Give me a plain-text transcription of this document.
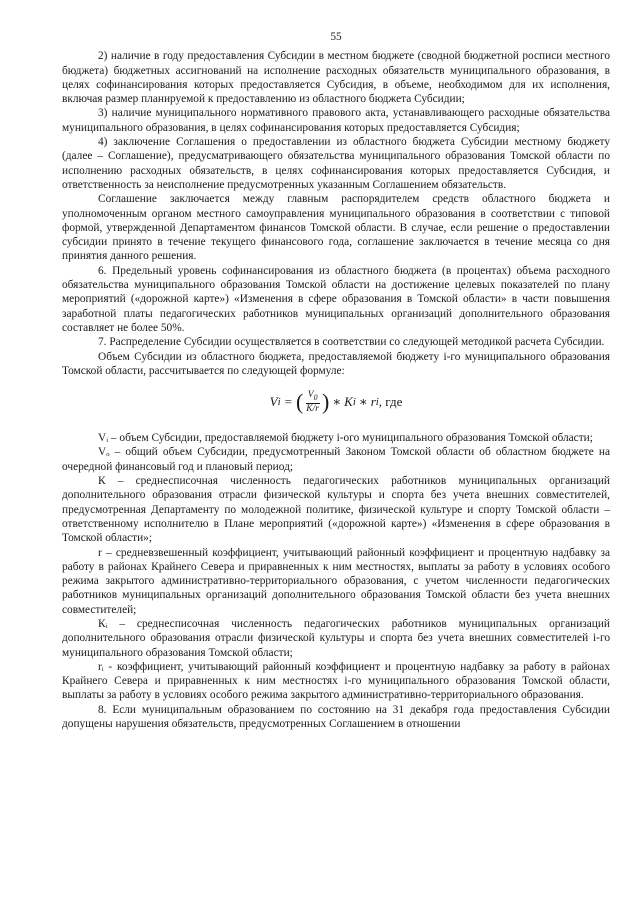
55

2) наличие в году предоставления Субсидии в местном бюджете (сводной бюджетной росписи местного бюджета) бюджетных ассигнований на исполнение расходных обязательств муниципального образования, в целях софинансирования которых предоставляется Субсидия, в объеме, необходимом для их исполнения, включая размер планируемой к предоставлению из областного бюджета Субсидии;

3) наличие муниципального нормативного правового акта, устанавливающего расходные обязательства муниципального образования, в целях софинансирования которых предоставляется Субсидия;

4) заключение Соглашения о предоставлении из областного бюджета Субсидии местному бюджету (далее – Соглашение), предусматривающего обязательства муниципального образования Томской области по исполнению расходных обязательств, в целях софинансирования которых предоставляется Субсидия, и ответственность за неисполнение предусмотренных указанным Соглашением обязательств.

Соглашение заключается между главным распорядителем средств областного бюджета и уполномоченным органом местного самоуправления муниципального образования в соответствии с типовой формой, утвержденной Департаментом финансов Томской области. В случае, если решение о предоставлении субсидии принято в течение текущего финансового года, соглашение заключается в течение месяца со дня принятия данного решения.

6. Предельный уровень софинансирования из областного бюджета (в процентах) объема расходного обязательства муниципального образования Томской области на достижение целевых показателей по плану мероприятий («дорожной карте») «Изменения в сфере образования в Томской области» в части повышения заработной платы педагогических работников муниципальных организаций дополнительного образования составляет не более 50%.

7. Распределение Субсидии осуществляется в соответствии со следующей методикой расчета Субсидии.

Объем Субсидии из областного бюджета, предоставляемой бюджету i-го муниципального образования Томской области, рассчитывается по следующей формуле:

V i = ( $\frac{V_0}{K/r}$ ) ∗ K i ∗ r i , где

Vᵢ – объем Субсидии, предоставляемой бюджету i-ого муниципального образования Томской области;

Vₒ – общий объем Субсидии, предусмотренный Законом Томской области об областном бюджете на очередной финансовый год и плановый период;

К – среднесписочная численность педагогических работников муниципальных организаций дополнительного образования отрасли физической культуры и спорта без учета внешних совместителей, предусмотренная Департаменту по молодежной политике, физической культуре и спорту Томской области – ответственному исполнителю в Плане мероприятий («дорожной карте») «Изменения в сфере образования в Томской области»;

r – средневзвешенный коэффициент, учитывающий районный коэффициент и процентную надбавку за работу в районах Крайнего Севера и приравненных к ним местностях, выплаты за работу в условиях особого режима закрытого административно-территориального образования, с учетом численности педагогических работников муниципальных организаций дополнительного образования Томской области без учета внешних совместителей;

Кᵢ – среднесписочная численность педагогических работников муниципальных организаций дополнительного образования отрасли физической культуры и спорта без учета внешних совместителей i-го муниципального образования Томской области;

rᵢ - коэффициент, учитывающий районный коэффициент и процентную надбавку за работу в районах Крайнего Севера и приравненных к ним местностях i-го муниципального образования Томской области, выплаты за работу в условиях особого режима закрытого административно-территориального образования.

8. Если муниципальным образованием по состоянию на 31 декабря года предоставления Субсидии допущены нарушения обязательств, предусмотренных Соглашением в отношении
